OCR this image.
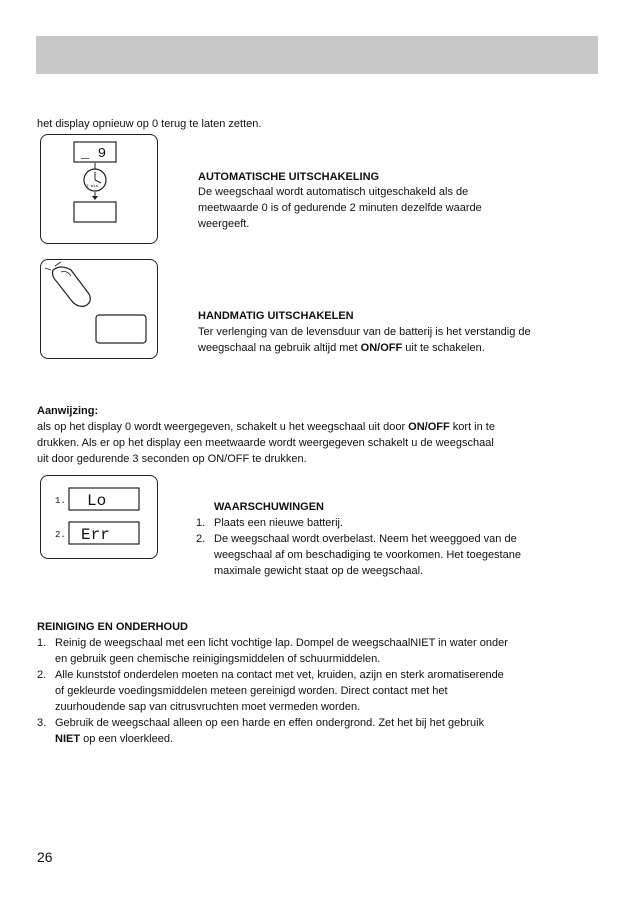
het display opnieuw op 0 terug te laten zetten.
_ 9
2 min
AUTOMATISCHE UITSCHAKELING
De weegschaal wordt automatisch uitgeschakeld als de
meetwaarde 0 is of gedurende 2 minuten dezelfde waarde
weergeeft.
HANDMATIG UITSCHAKELEN
Ter verlenging van de levensduur van de batterij is het verstandig de
weegschaal na gebruik altijd met ON/OFF uit te schakelen.
Aanwijzing:
als op het display 0 wordt weergegeven, schakelt u het weegschaal uit door ON/OFF kort in te
drukken. Als er op het display een meetwaarde wordt weergegeven schakelt u de weegschaal
uit door gedurende 3 seconden op ON/OFF te drukken.
1. Lo
2. Err
WAARSCHUWINGEN
1. Plaats een nieuwe batterij.
2. De weegschaal wordt overbelast. Neem het weeggoed van de
weegschaal af om beschadiging te voorkomen. Het toegestane
maximale gewicht staat op de weegschaal.
REINIGING EN ONDERHOUD
1. Reinig de weegschaal met een licht vochtige lap. Dompel de weegschaalNIET in water onder
en gebruik geen chemische reinigingsmiddelen of schuurmiddelen.
2. Alle kunststof onderdelen moeten na contact met vet, kruiden, azijn en sterk aromatiserende
of gekleurde voedingsmiddelen meteen gereinigd worden. Direct contact met het
zuurhoudende sap van citrusvruchten moet vermeden worden.
3. Gebruik de weegschaal alleen op een harde en effen ondergrond. Zet het bij het gebruik
NIET op een vloerkleed.
26
